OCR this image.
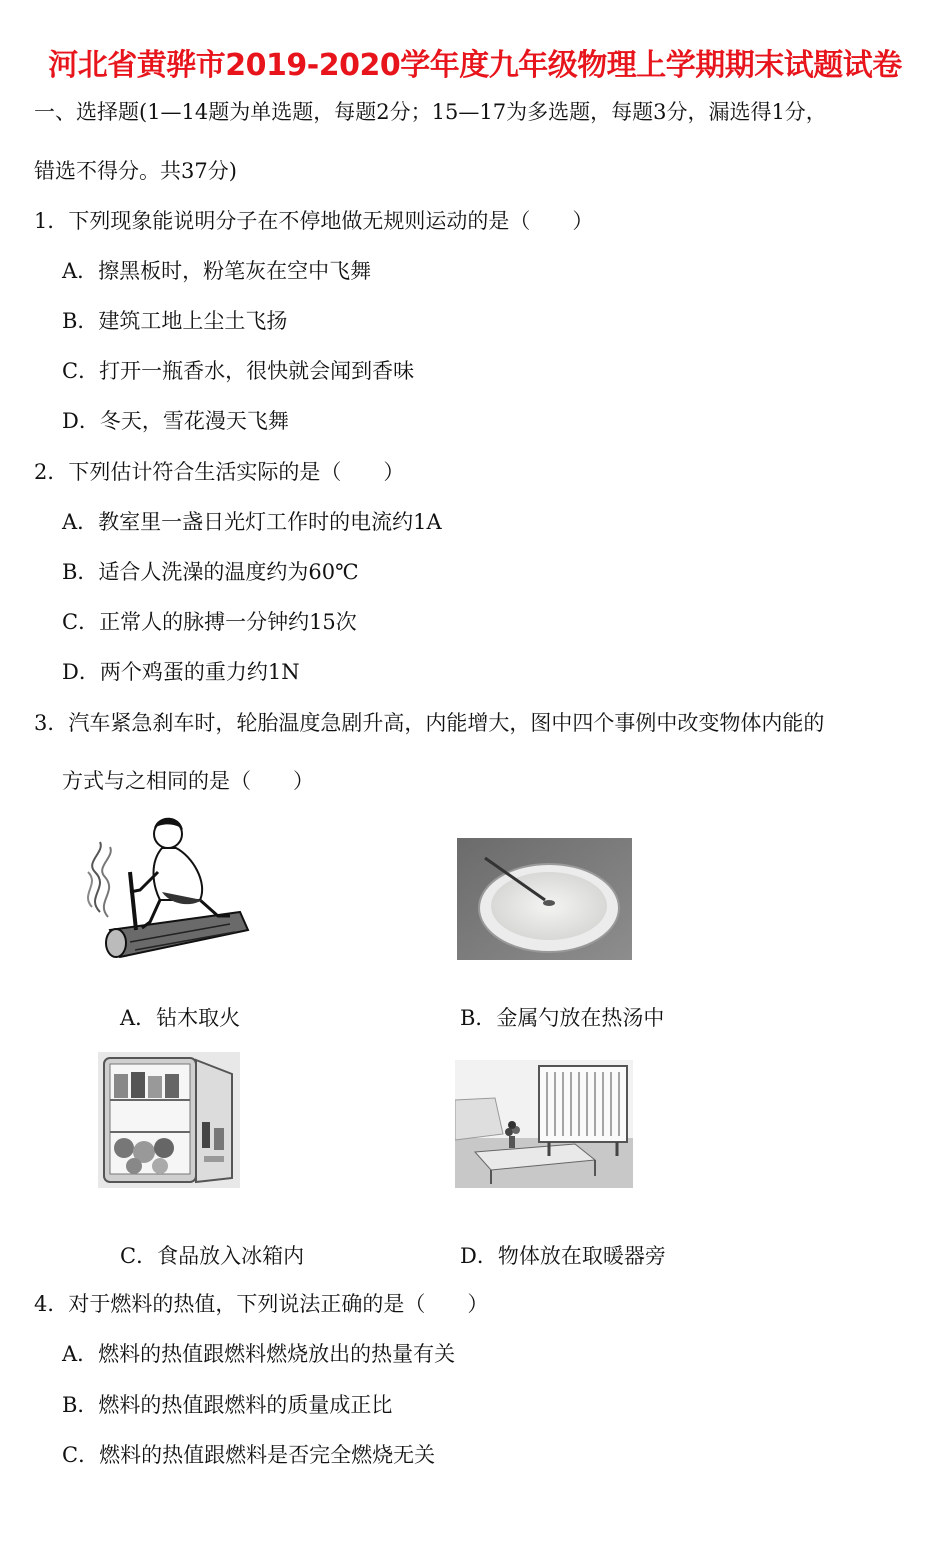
河北省黄骅市2019-2020学年度九年级物理上学期期末试题试卷
一、选择题(1—14题为单选题，每题2分；15—17为多选题，每题3分，漏选得1分，
错选不得分。共37分)
1．下列现象能说明分子在不停地做无规则运动的是（　　）
A．擦黑板时，粉笔灰在空中飞舞
B．建筑工地上尘土飞扬
C．打开一瓶香水，很快就会闻到香味
D．冬天，雪花漫天飞舞
2．下列估计符合生活实际的是（　　）
A．教室里一盏日光灯工作时的电流约1A
B．适合人洗澡的温度约为60℃
C．正常人的脉搏一分钟约15次
D．两个鸡蛋的重力约1N
3．汽车紧急刹车时，轮胎温度急剧升高，内能增大，图中四个事例中改变物体内能的
方式与之相同的是（　　）
A．钻木取火	B．金属勺放在热汤中
C．食品放入冰箱内	D．物体放在取暖器旁
4．对于燃料的热值，下列说法正确的是（　　）
A．燃料的热值跟燃料燃烧放出的热量有关
B．燃料的热值跟燃料的质量成正比
C．燃料的热值跟燃料是否完全燃烧无关
